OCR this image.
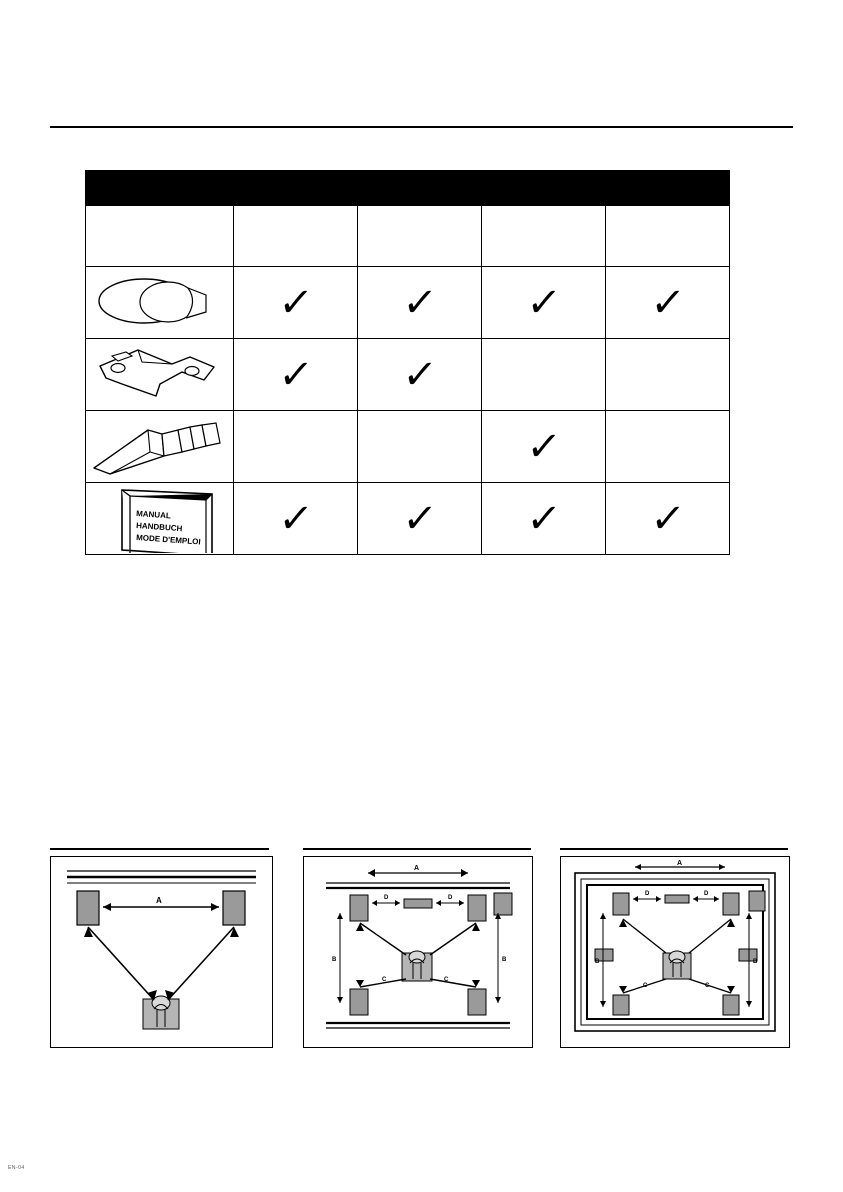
	✓	✓	✓	✓

	✓	✓		

			✓	

MANUAL
HANDBUCH
MODE D'EMPLOI	✓	✓	✓	✓
A
A
D	D
B	B
C	C
A
D	D
B	B
C	C
EN-04
